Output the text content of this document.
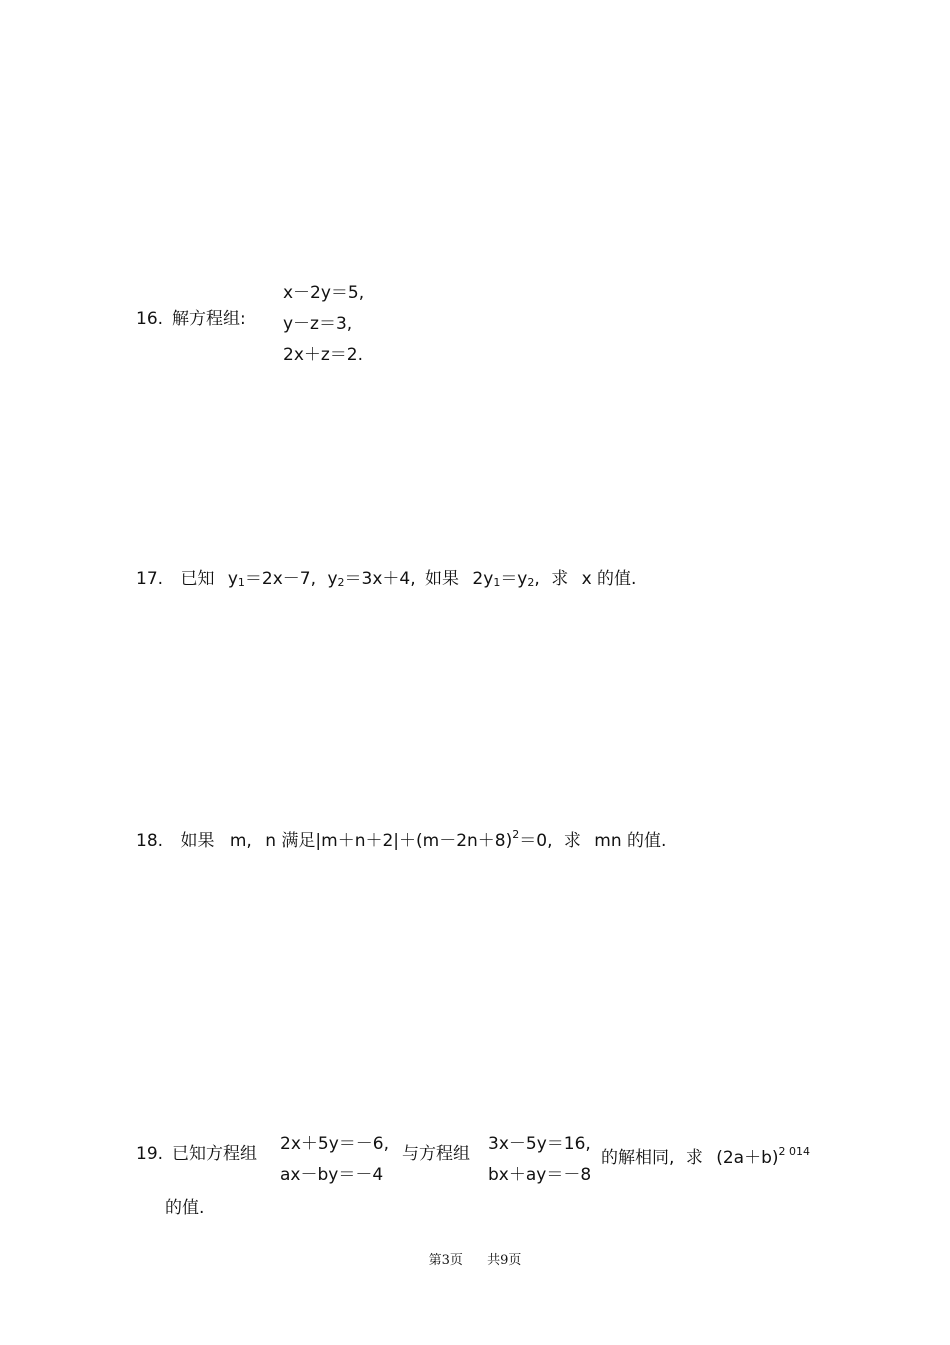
16. 解方程组:
x－2y＝5,
y－z＝3,
2x＋z＝2.
17. 已知 $y_1=2x-7$, $y_2=3x+4$, 如果 $2y_1=y_2$, 求 x 的值.
18. 如果 m, n 满足$|m+n+2|+(m-2n+8)^2=0$, 求 mn 的值.
19. 已知方程组 2x＋5y＝－6,
ax－by＝－4
与方程组 3x－5y＝16,
bx＋ay＝－8
的解相同, 求 $(2a+b)^{2 014}$
的值.
第3页 共9页
